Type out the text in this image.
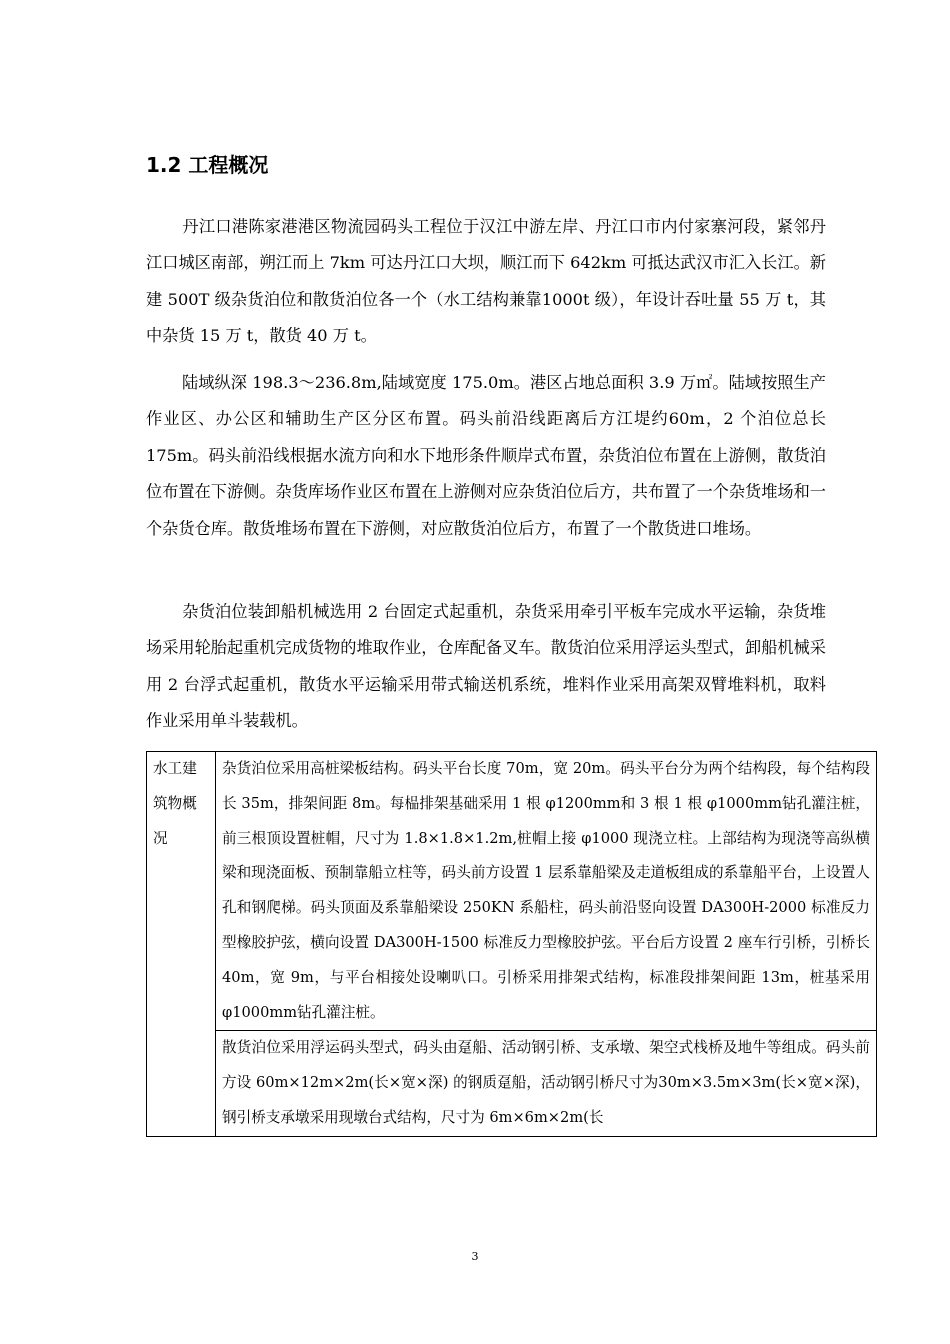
1.2 工程概况

丹江口港陈家港港区物流园码头工程位于汉江中游左岸、丹江口市内付家寨河段，紧邻丹江口城区南部，朔江而上 7km 可达丹江口大坝，顺江而下 642km 可抵达武汉市汇入长江。新建 500T 级杂货泊位和散货泊位各一个（水工结构兼靠1000t 级），年设计吞吐量 55 万 t，其中杂货 15 万 t，散货 40 万 t。

陆域纵深 198.3～236.8m,陆域宽度 175.0m。港区占地总面积 3.9 万㎡。陆域按照生产作业区、办公区和辅助生产区分区布置。码头前沿线距离后方江堤约60m，2 个泊位总长 175m。码头前沿线根据水流方向和水下地形条件顺岸式布置，杂货泊位布置在上游侧，散货泊位布置在下游侧。杂货库场作业区布置在上游侧对应杂货泊位后方，共布置了一个杂货堆场和一个杂货仓库。散货堆场布置在下游侧，对应散货泊位后方，布置了一个散货进口堆场。

杂货泊位装卸船机械选用 2 台固定式起重机，杂货采用牵引平板车完成水平运输，杂货堆场采用轮胎起重机完成货物的堆取作业，仓库配备叉车。散货泊位采用浮运头型式，卸船机械采用 2 台浮式起重机，散货水平运输采用带式输送机系统，堆料作业采用高架双臂堆料机，取料作业采用单斗装载机。

水工建筑物概况	杂货泊位采用高桩梁板结构。码头平台长度 70m，宽 20m。码头平台分为两个结构段，每个结构段长 35m，排架间距 8m。每榀排架基础采用 1 根 φ1200mm和 3 根 1 根 φ1000mm钻孔灌注桩，前三根顶设置桩帽，尺寸为 1.8×1.8×1.2m,桩帽上接 φ1000 现浇立柱。上部结构为现浇等高纵横梁和现浇面板、预制靠船立柱等，码头前方设置 1 层系靠船梁及走道板组成的系靠船平台，上设置人孔和钢爬梯。码头顶面及系靠船梁设 250KN 系船柱，码头前沿竖向设置 DA300H-2000 标准反力型橡胶护弦，横向设置 DA300H-1500 标准反力型橡胶护弦。平台后方设置 2 座车行引桥，引桥长 40m，宽 9m，与平台相接处设喇叭口。引桥采用排架式结构，标准段排架间距 13m，桩基采用 φ1000mm钻孔灌注桩。
散货泊位采用浮运码头型式，码头由趸船、活动钢引桥、支承墩、架空式栈桥及地牛等组成。码头前方设 60m×12m×2m(长×宽×深) 的钢质趸船，活动钢引桥尺寸为30m×3.5m×3m(长×宽×深)，钢引桥支承墩采用现墩台式结构，尺寸为 6m×6m×2m(长
3
